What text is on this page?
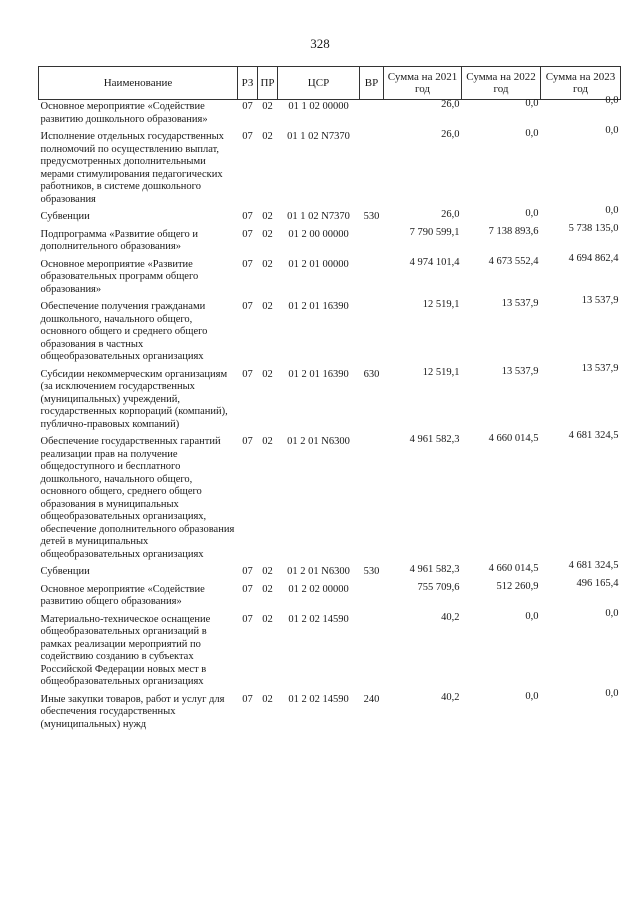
328
Наименование	РЗ	ПР	ЦСР	ВР	Сумма на 2021 год	Сумма на 2022 год	Сумма на 2023 год
Основное мероприятие «Содействие развитию дошкольного образования»	07	02	01 1 02 00000		26,0	0,0	0,0
Исполнение отдельных государственных полномочий по осуществлению выплат, предусмотренных дополнительными мерами стимулирования педагогических работников, в системе дошкольного образования	07	02	01 1 02 N7370		26,0	0,0	0,0
Субвенции	07	02	01 1 02 N7370	530	26,0	0,0	0,0
Подпрограмма «Развитие общего и дополнительного образования»	07	02	01 2 00 00000		7 790 599,1	7 138 893,6	5 738 135,0
Основное мероприятие «Развитие образовательных программ общего образования»	07	02	01 2 01 00000		4 974 101,4	4 673 552,4	4 694 862,4
Обеспечение получения гражданами дошкольного, начального общего, основного общего и среднего общего образования в частных общеобразовательных организациях	07	02	01 2 01 16390		12 519,1	13 537,9	13 537,9
Субсидии некоммерческим организациям (за исключением государственных (муниципальных) учреждений, государственных корпораций (компаний), публично-правовых компаний)	07	02	01 2 01 16390	630	12 519,1	13 537,9	13 537,9
Обеспечение государственных гарантий реализации прав на получение общедоступного и бесплатного дошкольного, начального общего, основного общего, среднего общего образования в муниципальных общеобразовательных организациях, обеспечение дополнительного образования детей в муниципальных общеобразовательных организациях	07	02	01 2 01 N6300		4 961 582,3	4 660 014,5	4 681 324,5
Субвенции	07	02	01 2 01 N6300	530	4 961 582,3	4 660 014,5	4 681 324,5
Основное мероприятие «Содействие развитию общего образования»	07	02	01 2 02 00000		755 709,6	512 260,9	496 165,4
Материально-техническое оснащение общеобразовательных организаций в рамках реализации мероприятий по содействию созданию в субъектах Российской Федерации новых мест в общеобразовательных организациях	07	02	01 2 02 14590		40,2	0,0	0,0
Иные закупки товаров, работ и услуг для обеспечения государственных (муниципальных) нужд	07	02	01 2 02 14590	240	40,2	0,0	0,0
